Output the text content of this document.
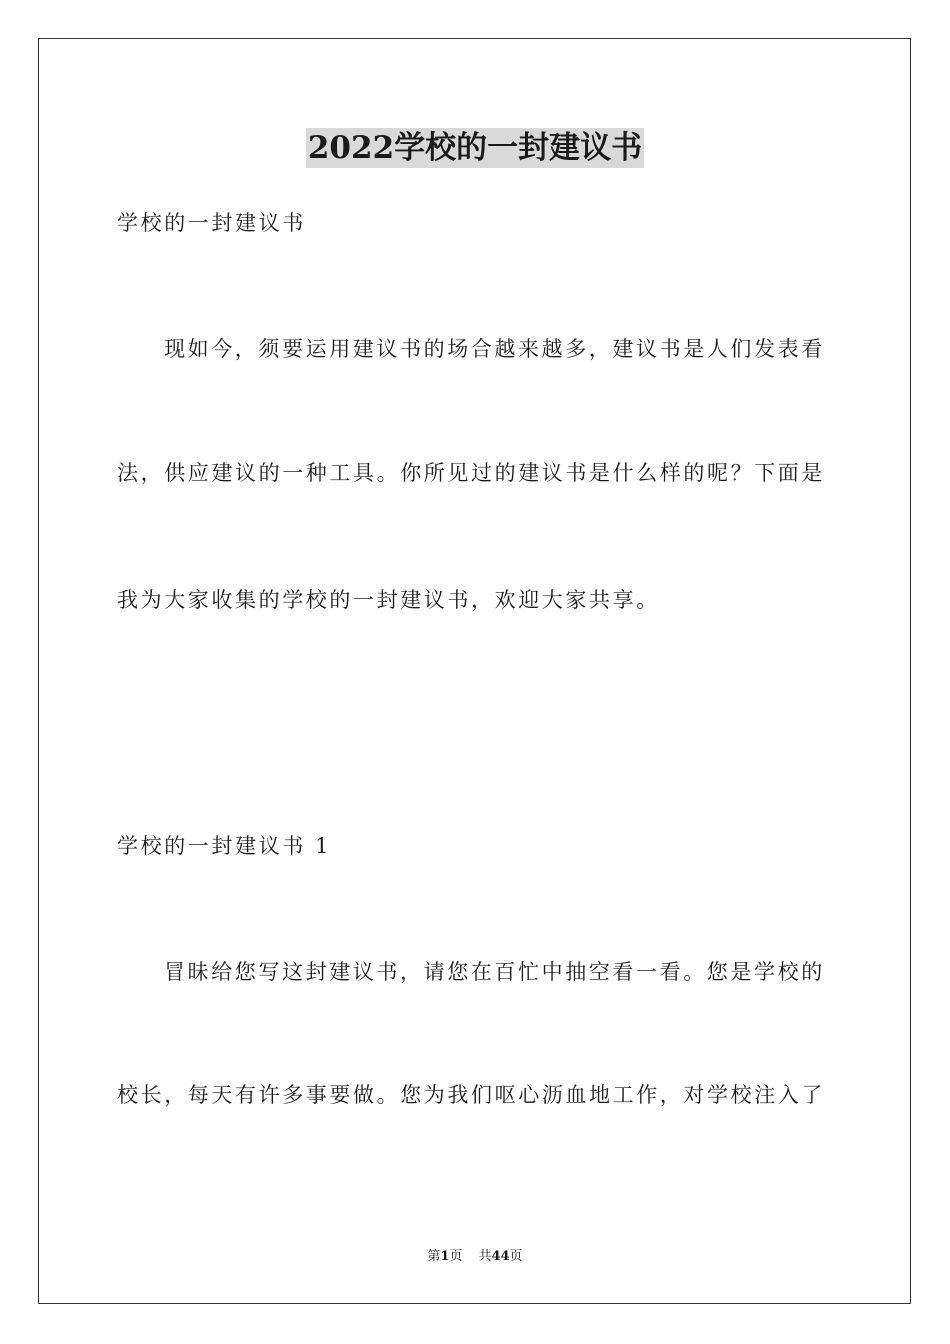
2022学校的一封建议书
学校的一封建议书
现如今，须要运用建议书的场合越来越多，建议书是人们发表看
法，供应建议的一种工具。你所见过的建议书是什么样的呢？下面是
我为大家收集的学校的一封建议书，欢迎大家共享。
学校的一封建议书 1
冒昧给您写这封建议书，请您在百忙中抽空看一看。您是学校的
校长，每天有许多事要做。您为我们呕心沥血地工作，对学校注入了
第1页 共44页
